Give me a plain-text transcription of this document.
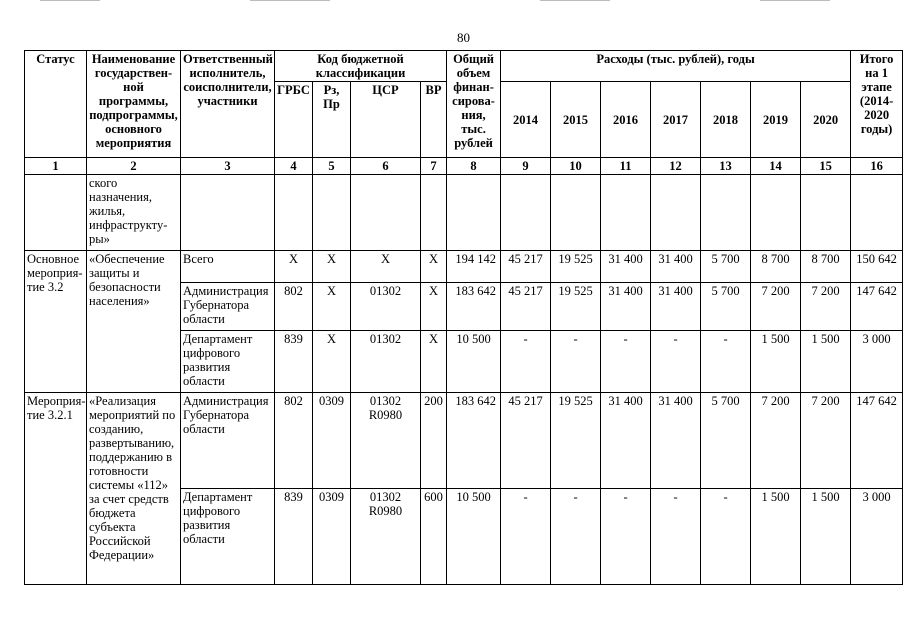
80
Статус	Наименование государствен-ной программы, подпрограммы, основного мероприятия	Ответственный исполнитель, соисполнители, участники	Код бюджетной классификации				Общий объем финан-сирова-ния, тыс. рублей	Расходы (тыс. рублей), годы							Итого на 1 этапе (2014-2020 годы)
			ГРБС	Рз, Пр	ЦСР	ВР		2014	2015	2016	2017	2018	2019	2020	
1	2	3	4	5	6	7	8	9	10	11	12	13	14	15	16
	ского назначения, жилья, инфраструкту-ры»														
Основное мероприя-тие 3.2	«Обеспечение защиты и безопасности населения»	Всего	Х	Х	Х	Х	194 142	45 217	19 525	31 400	31 400	5 700	8 700	8 700	150 642
		Администрация Губернатора области	802	Х	01302	Х	183 642	45 217	19 525	31 400	31 400	5 700	7 200	7 200	147 642
		Департамент цифрового развития области	839	Х	01302	Х	10 500	-	-	-	-	-	1 500	1 500	3 000
Мероприя-тие 3.2.1	«Реализация мероприятий по созданию, развертыванию, поддержанию в готовности системы «112» за счет средств бюджета субъекта Российской Федерации»	Администрация Губернатора области	802	0309	01302 R0980	200	183 642	45 217	19 525	31 400	31 400	5 700	7 200	7 200	147 642
		Департамент цифрового развития области	839	0309	01302 R0980	600	10 500	-	-	-	-	-	1 500	1 500	3 000
